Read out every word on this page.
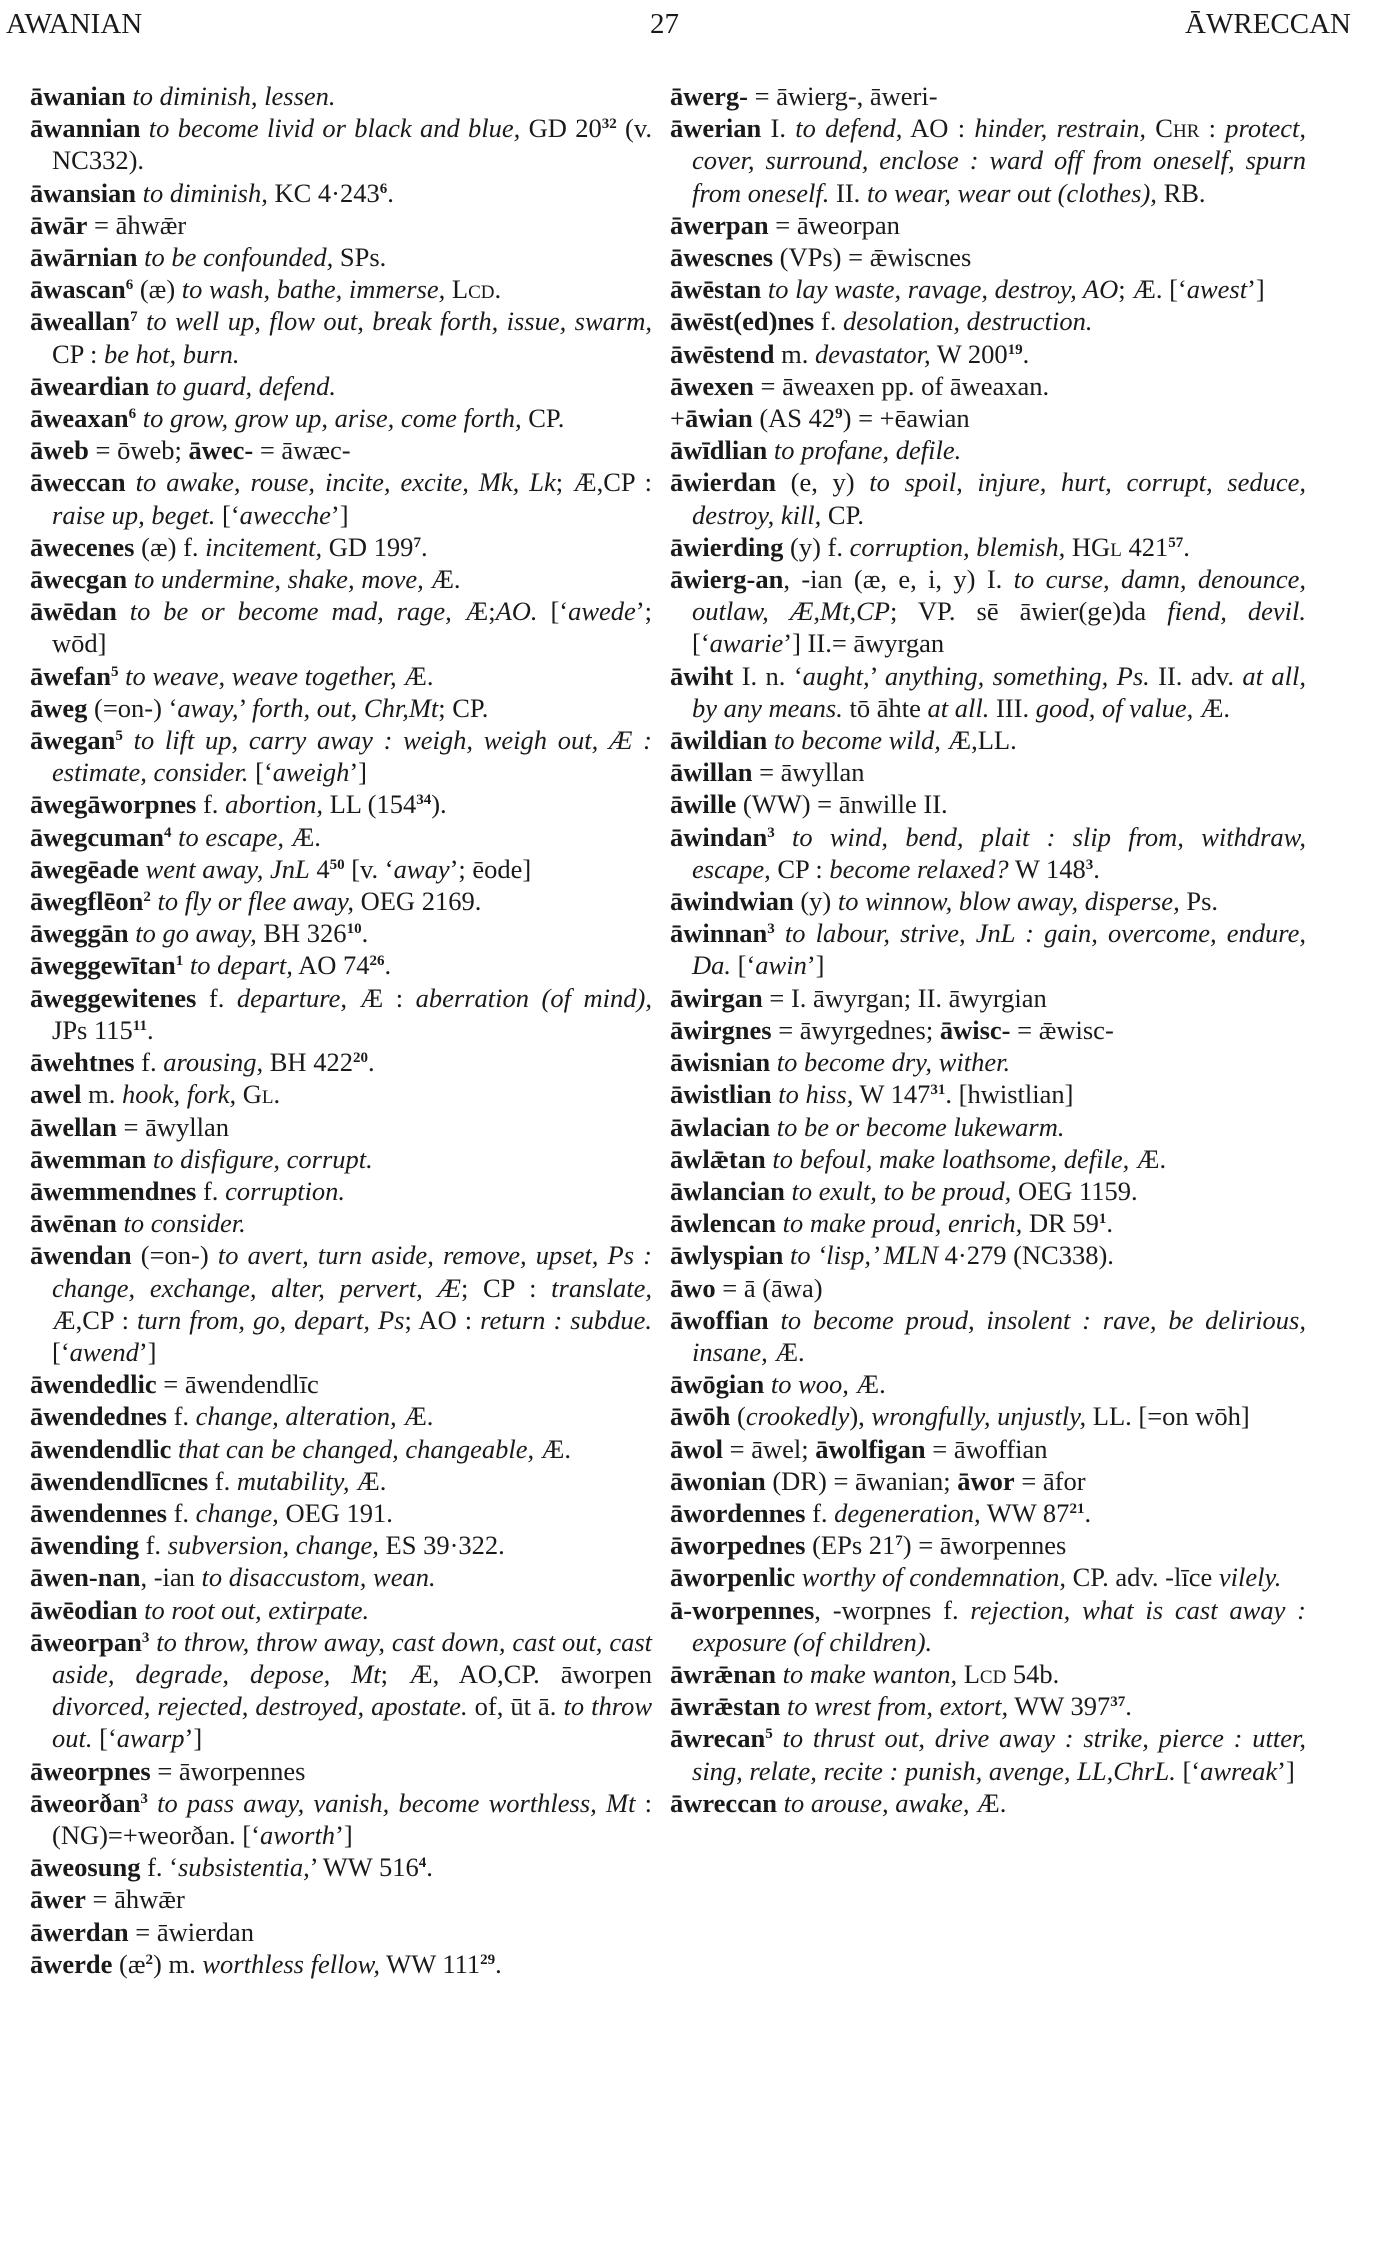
AWANIAN	27	ĀWRECCAN

āwanian to diminish, lessen.

āwannian to become livid or black and blue, GD $20^{32}$ (v. NC332).

āwansian to diminish, KC $4\cdot 243^6$.

āwār = āhwǣr

āwārnian to be confounded, SPs.

āwascan$^6$ (æ) to wash, bathe, immerse, Lcd.

āweallan$^7$ to well up, flow out, break forth, issue, swarm, CP : be hot, burn.

āweardian to guard, defend.

āweaxan$^6$ to grow, grow up, arise, come forth, CP.

āweb = ōweb; āwec- = āwæc-

āweccan to awake, rouse, incite, excite, Mk, Lk; Æ,CP : raise up, beget. [‘awecche’]

āwecenes (æ) f. incitement, GD $199^7$.

āwecgan to undermine, shake, move, Æ.

āwēdan to be or become mad, rage, Æ;AO. [‘awede’; wōd]

āwefan$^5$ to weave, weave together, Æ.

āweg (=on-) ‘away,’ forth, out, Chr,Mt; CP.

āwegan$^5$ to lift up, carry away : weigh, weigh out, Æ : estimate, consider. [‘aweigh’]

āwegāworpnes f. abortion, LL $(154^{34})$.

āwegcuman$^4$ to escape, Æ.

āwegēade went away, JnL $4^{50}$ [v. ‘away’; ēode]

āwegflēon$^2$ to fly or flee away, OEG 2169.

āweggān to go away, BH $326^{10}$.

āweggewītan$^1$ to depart, AO $74^{26}$.

āweggewitenes f. departure, Æ : aberration (of mind), JPs $115^{11}$.

āwehtnes f. arousing, BH $422^{20}$.

awel m. hook, fork, Gl.

āwellan = āwyllan

āwemman to disfigure, corrupt.

āwemmendnes f. corruption.

āwēnan to consider.

āwendan (=on-) to avert, turn aside, remove, upset, Ps : change, exchange, alter, pervert, Æ; CP : translate, Æ,CP : turn from, go, depart, Ps; AO : return : subdue. [‘awend’]

āwendedlic = āwendendlīc

āwendednes f. change, alteration, Æ.

āwendendlic that can be changed, changeable, Æ.

āwendendlīcnes f. mutability, Æ.

āwendennes f. change, OEG 191.

āwending f. subversion, change, ES 39·322.

āwen-nan, -ian to disaccustom, wean.

āwēodian to root out, extirpate.

āweorpan$^3$ to throw, throw away, cast down, cast out, cast aside, degrade, depose, Mt; Æ, AO,CP. āworpen divorced, rejected, destroyed, apostate. of, ūt ā. to throw out. [‘awarp’]

āweorpnes = āworpennes

āweorðan$^3$ to pass away, vanish, become worthless, Mt : (NG)=+weorðan. [‘aworth’]

āweosung f. ‘subsistentia,’ WW $516^4$.

āwer = āhwǣr

āwerdan = āwierdan

āwerde $(æ^2)$ m. worthless fellow, WW $111^{29}$.

āwerg- = āwierg-, āweri-

āwerian I. to defend, AO : hinder, restrain, Chr : protect, cover, surround, enclose : ward off from oneself, spurn from oneself. II. to wear, wear out (clothes), RB.

āwerpan = āweorpan

āwescnes (VPs) = ǣwiscnes

āwēstan to lay waste, ravage, destroy, AO; Æ. [‘awest’]

āwēst(ed)nes f. desolation, destruction.

āwēstend m. devastator, W $200^{19}$.

āwexen = āweaxen pp. of āweaxan.

+āwian (AS $42^9$) = +ēawian

āwīdlian to profane, defile.

āwierdan (e, y) to spoil, injure, hurt, corrupt, seduce, destroy, kill, CP.

āwierding (y) f. corruption, blemish, HGl $421^{57}$.

āwierg-an, -ian (æ, e, i, y) I. to curse, damn, denounce, outlaw, Æ,Mt,CP; VP. sē āwier(ge)da fiend, devil. [‘awarie’] II.= āwyrgan

āwiht I. n. ‘aught,’ anything, something, Ps. II. adv. at all, by any means. tō āhte at all. III. good, of value, Æ.

āwildian to become wild, Æ,LL.

āwillan = āwyllan

āwille (WW) = ānwille II.

āwindan$^3$ to wind, bend, plait : slip from, withdraw, escape, CP : become relaxed? W $148^3$.

āwindwian (y) to winnow, blow away, disperse, Ps.

āwinnan$^3$ to labour, strive, JnL : gain, overcome, endure, Da. [‘awin’]

āwirgan = I. āwyrgan; II. āwyrgian

āwirgnes = āwyrgednes; āwisc- = ǣwisc-

āwisnian to become dry, wither.

āwistlian to hiss, W $147^{31}$. [hwistlian]

āwlacian to be or become lukewarm.

āwlǣtan to befoul, make loathsome, defile, Æ.

āwlancian to exult, to be proud, OEG 1159.

āwlencan to make proud, enrich, DR $59^1$.

āwlyspian to ‘lisp,’ MLN 4·279 (NC338).

āwo = ā (āwa)

āwoffian to become proud, insolent : rave, be delirious, insane, Æ.

āwōgian to woo, Æ.

āwōh (crookedly), wrongfully, unjustly, LL. [=on wōh]

āwol = āwel; āwolfigan = āwoffian

āwonian (DR) = āwanian; āwor = āfor

āwordennes f. degeneration, WW $87^{21}$.

āworpednes (EPs $21^7$) = āworpennes

āworpenlic worthy of condemnation, CP. adv. -līce vilely.

ā-worpennes, -worpnes f. rejection, what is cast away : exposure (of children).

āwrǣnan to make wanton, Lcd 54b.

āwrǣstan to wrest from, extort, WW $397^{37}$.

āwrecan$^5$ to thrust out, drive away : strike, pierce : utter, sing, relate, recite : punish, avenge, LL,ChrL. [‘awreak’]

āwreccan to arouse, awake, Æ.
